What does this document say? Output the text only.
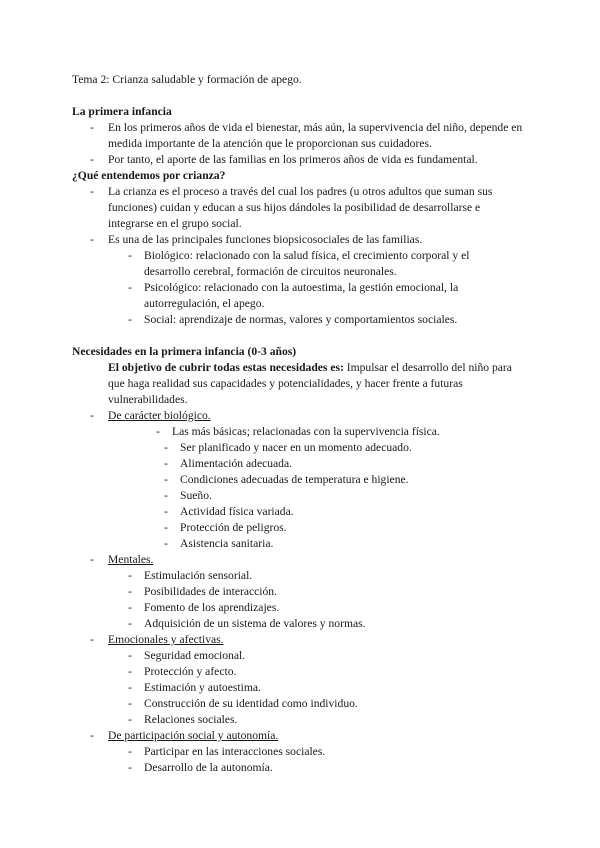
Tema 2: Crianza saludable y formación de apego.
La primera infancia
- En los primeros años de vida el bienestar, más aún, la supervivencia del niño, depende en medida importante de la atención que le proporcionan sus cuidadores.
- Por tanto, el aporte de las familias en los primeros años de vida es fundamental.
¿Qué entendemos por crianza?
- La crianza es el proceso a través del cual los padres (u otros adultos que suman sus funciones) cuidan y educan a sus hijos dándoles la posibilidad de desarrollarse e integrarse en el grupo social.
- Es una de las principales funciones biopsicosociales de las familias.
- Biológico: relacionado con la salud física, el crecimiento corporal y el desarrollo cerebral, formación de circuitos neuronales.
- Psicológico: relacionado con la autoestima, la gestión emocional, la autorregulación, el apego.
- Social: aprendizaje de normas, valores y comportamientos sociales.
Necesidades en la primera infancia (0-3 años)
El objetivo de cubrir todas estas necesidades es: Impulsar el desarrollo del niño para que haga realidad sus capacidades y potencialidades, y hacer frente a futuras vulnerabilidades.
- De carácter biológico.
- Las más básicas; relacionadas con la supervivencia física.
- Ser planificado y nacer en un momento adecuado.
- Alimentación adecuada.
- Condiciones adecuadas de temperatura e higiene.
- Sueño.
- Actividad física variada.
- Protección de peligros.
- Asistencia sanitaria.
- Mentales.
- Estimulación sensorial.
- Posibilidades de interacción.
- Fomento de los aprendizajes.
- Adquisición de un sistema de valores y normas.
- Emocionales y afectivas.
- Seguridad emocional.
- Protección y afecto.
- Estimación y autoestima.
- Construcción de su identidad como individuo.
- Relaciones sociales.
- De participación social y autonomía.
- Participar en las interacciones sociales.
- Desarrollo de la autonomía.
